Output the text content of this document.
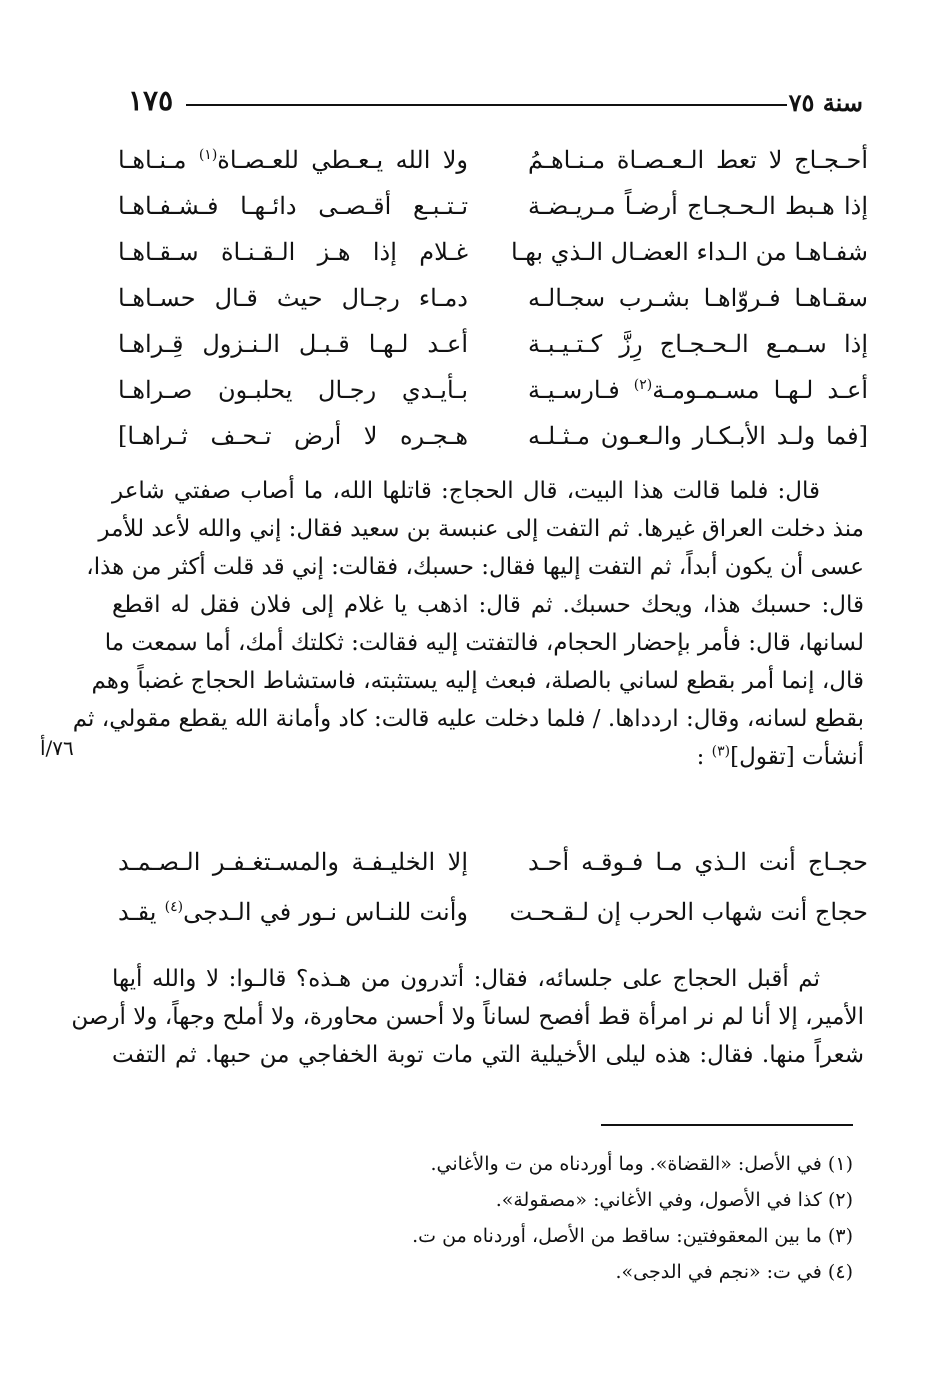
سنة ٧٥
١٧٥
أحـجـاج لا تعط الـعـصـاة مـنـاهـمُ
ولا الله يـعـطي للعـصـاة$^{(١)}$ مـنـاهـا
إذا هـبط الـحـجـاج أرضـاً مـريـضـة
تـتـبـع أقـصـى دائـهـا فـشـفـاهـا
شفـاهـا من الـداء العضـال الـذي بهـا
غـلام إذا هـز الـقـنـاة سـقـاهـا
سقـاهـا فـروّاهـا بشـرب سجـالـه
دمـاء رجـال حيث قـال حسـاهـا
إذا سـمـع الـحـجـاج رِزَّ كـتـيـبـة
أعـد لـهـا قـبـل الـنـزول قِـراهـا
أعـد لـهـا مسـمـومـة$^{(٢)}$ فـارسـيـة
بـأيـدي رجـال يحلبـون صـراهـا
[فما ولـد الأبـكـار والـعـون مـثـلـه
هـجـره لا أرض تـحـف ثـراهـا]
قال: فلما قالت هذا البيت، قال الحجاج: قاتلها الله، ما أصاب صفتي شاعر
منذ دخلت العراق غيرها. ثم التفت إلى عنبسة بن سعيد فقال: إني والله لأعد للأمر
عسى أن يكون أبداً، ثم التفت إليها فقال: حسبك، فقالت: إني قد قلت أكثر من هذا،
قال: حسبك هذا، ويحك حسبك. ثم قال: اذهب يا غلام إلى فلان فقل له اقطع
لسانها، قال: فأمر بإحضار الحجام، فالتفتت إليه فقالت: ثكلتك أمك، أما سمعت ما
قال، إنما أمر بقطع لساني بالصلة، فبعث إليه يستثبته، فاستشاط الحجاج غضباً وهم
بقطع لسانه، وقال: اردداها. / فلما دخلت عليه قالت: كاد وأمانة الله يقطع مقولي، ثم
أنشأت [تقول]$^{(٣)}$ :
٧٦/أ
حجـاج أنت الـذي مـا فـوقـه أحـد
إلا الخليـفـة والمسـتغـفـر الـصـمـد
حجاج أنت شهاب الحرب إن لـقـحـت
وأنت للنـاس نـور في الـدجى$^{(٤)}$ يقـد
ثم أقبل الحجاج على جلسائه، فقال: أتدرون من هـذه؟ قالـوا: لا والله أيها
الأمير، إلا أنا لم نر امرأة قط أفصح لساناً ولا أحسن محاورة، ولا أملح وجهاً، ولا أرصن
شعراً منها. فقال: هذه ليلى الأخيلية التي مات توبة الخفاجي من حبها. ثم التفت
(١) في الأصل: «القضاة». وما أوردناه من ت والأغاني.
(٢) كذا في الأصول، وفي الأغاني: «مصقولة».
(٣) ما بين المعقوفتين: ساقط من الأصل، أوردناه من ت.
(٤) في ت: «نجم في الدجى».
